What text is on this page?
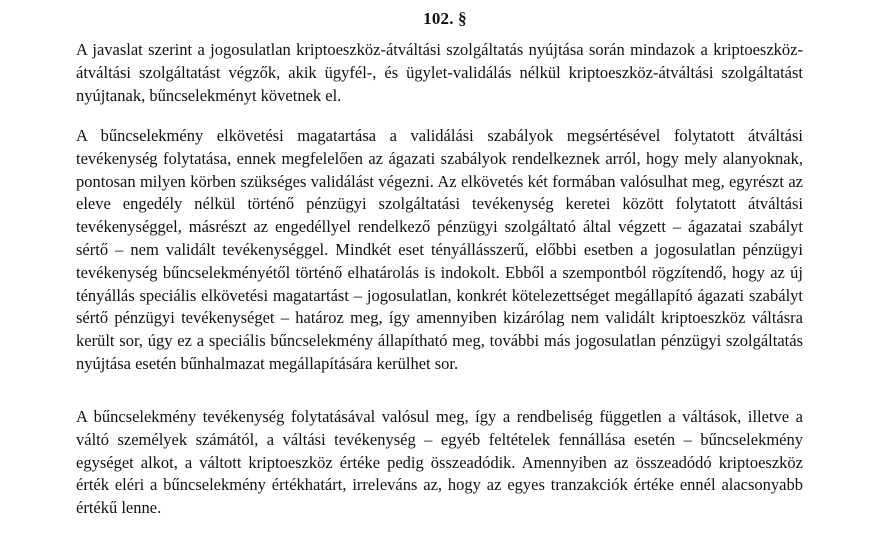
102. §

A javaslat szerint a jogosulatlan kriptoeszköz-átváltási szolgáltatás nyújtása során mindazok a kriptoeszköz-átváltási szolgáltatást végzők, akik ügyfél-, és ügylet-validálás nélkül kriptoeszköz-átváltási szolgáltatást nyújtanak, bűncselekményt követnek el.

A bűncselekmény elkövetési magatartása a validálási szabályok megsértésével folytatott átváltási tevékenység folytatása, ennek megfelelően az ágazati szabályok rendelkeznek arról, hogy mely alanyoknak, pontosan milyen körben szükséges validálást végezni. Az elkövetés két formában valósulhat meg, egyrészt az eleve engedély nélkül történő pénzügyi szolgáltatási tevékenység keretei között folytatott átváltási tevékenységgel, másrészt az engedéllyel rendelkező pénzügyi szolgáltató által végzett – ágazatai szabályt sértő – nem validált tevékenységgel. Mindkét eset tényállásszerű, előbbi esetben a jogosulatlan pénzügyi tevékenység bűncselekményétől történő elhatárolás is indokolt. Ebből a szempontból rögzítendő, hogy az új tényállás speciális elkövetési magatartást – jogosulatlan, konkrét kötelezettséget megállapító ágazati szabályt sértő pénzügyi tevékenységet – határoz meg, így amennyiben kizárólag nem validált kriptoeszköz váltásra került sor, úgy ez a speciális bűncselekmény állapítható meg, további más jogosulatlan pénzügyi szolgáltatás nyújtása esetén bűnhalmazat megállapítására kerülhet sor.

A bűncselekmény tevékenység folytatásával valósul meg, így a rendbeliség független a váltások, illetve a váltó személyek számától, a váltási tevékenység – egyéb feltételek fennállása esetén – bűncselekmény egységet alkot, a váltott kriptoeszköz értéke pedig összeadódik. Amennyiben az összeadódó kriptoeszköz érték eléri a bűncselekmény értékhatárt, irreleváns az, hogy az egyes tranzakciók értéke ennél alacsonyabb értékű lenne.
